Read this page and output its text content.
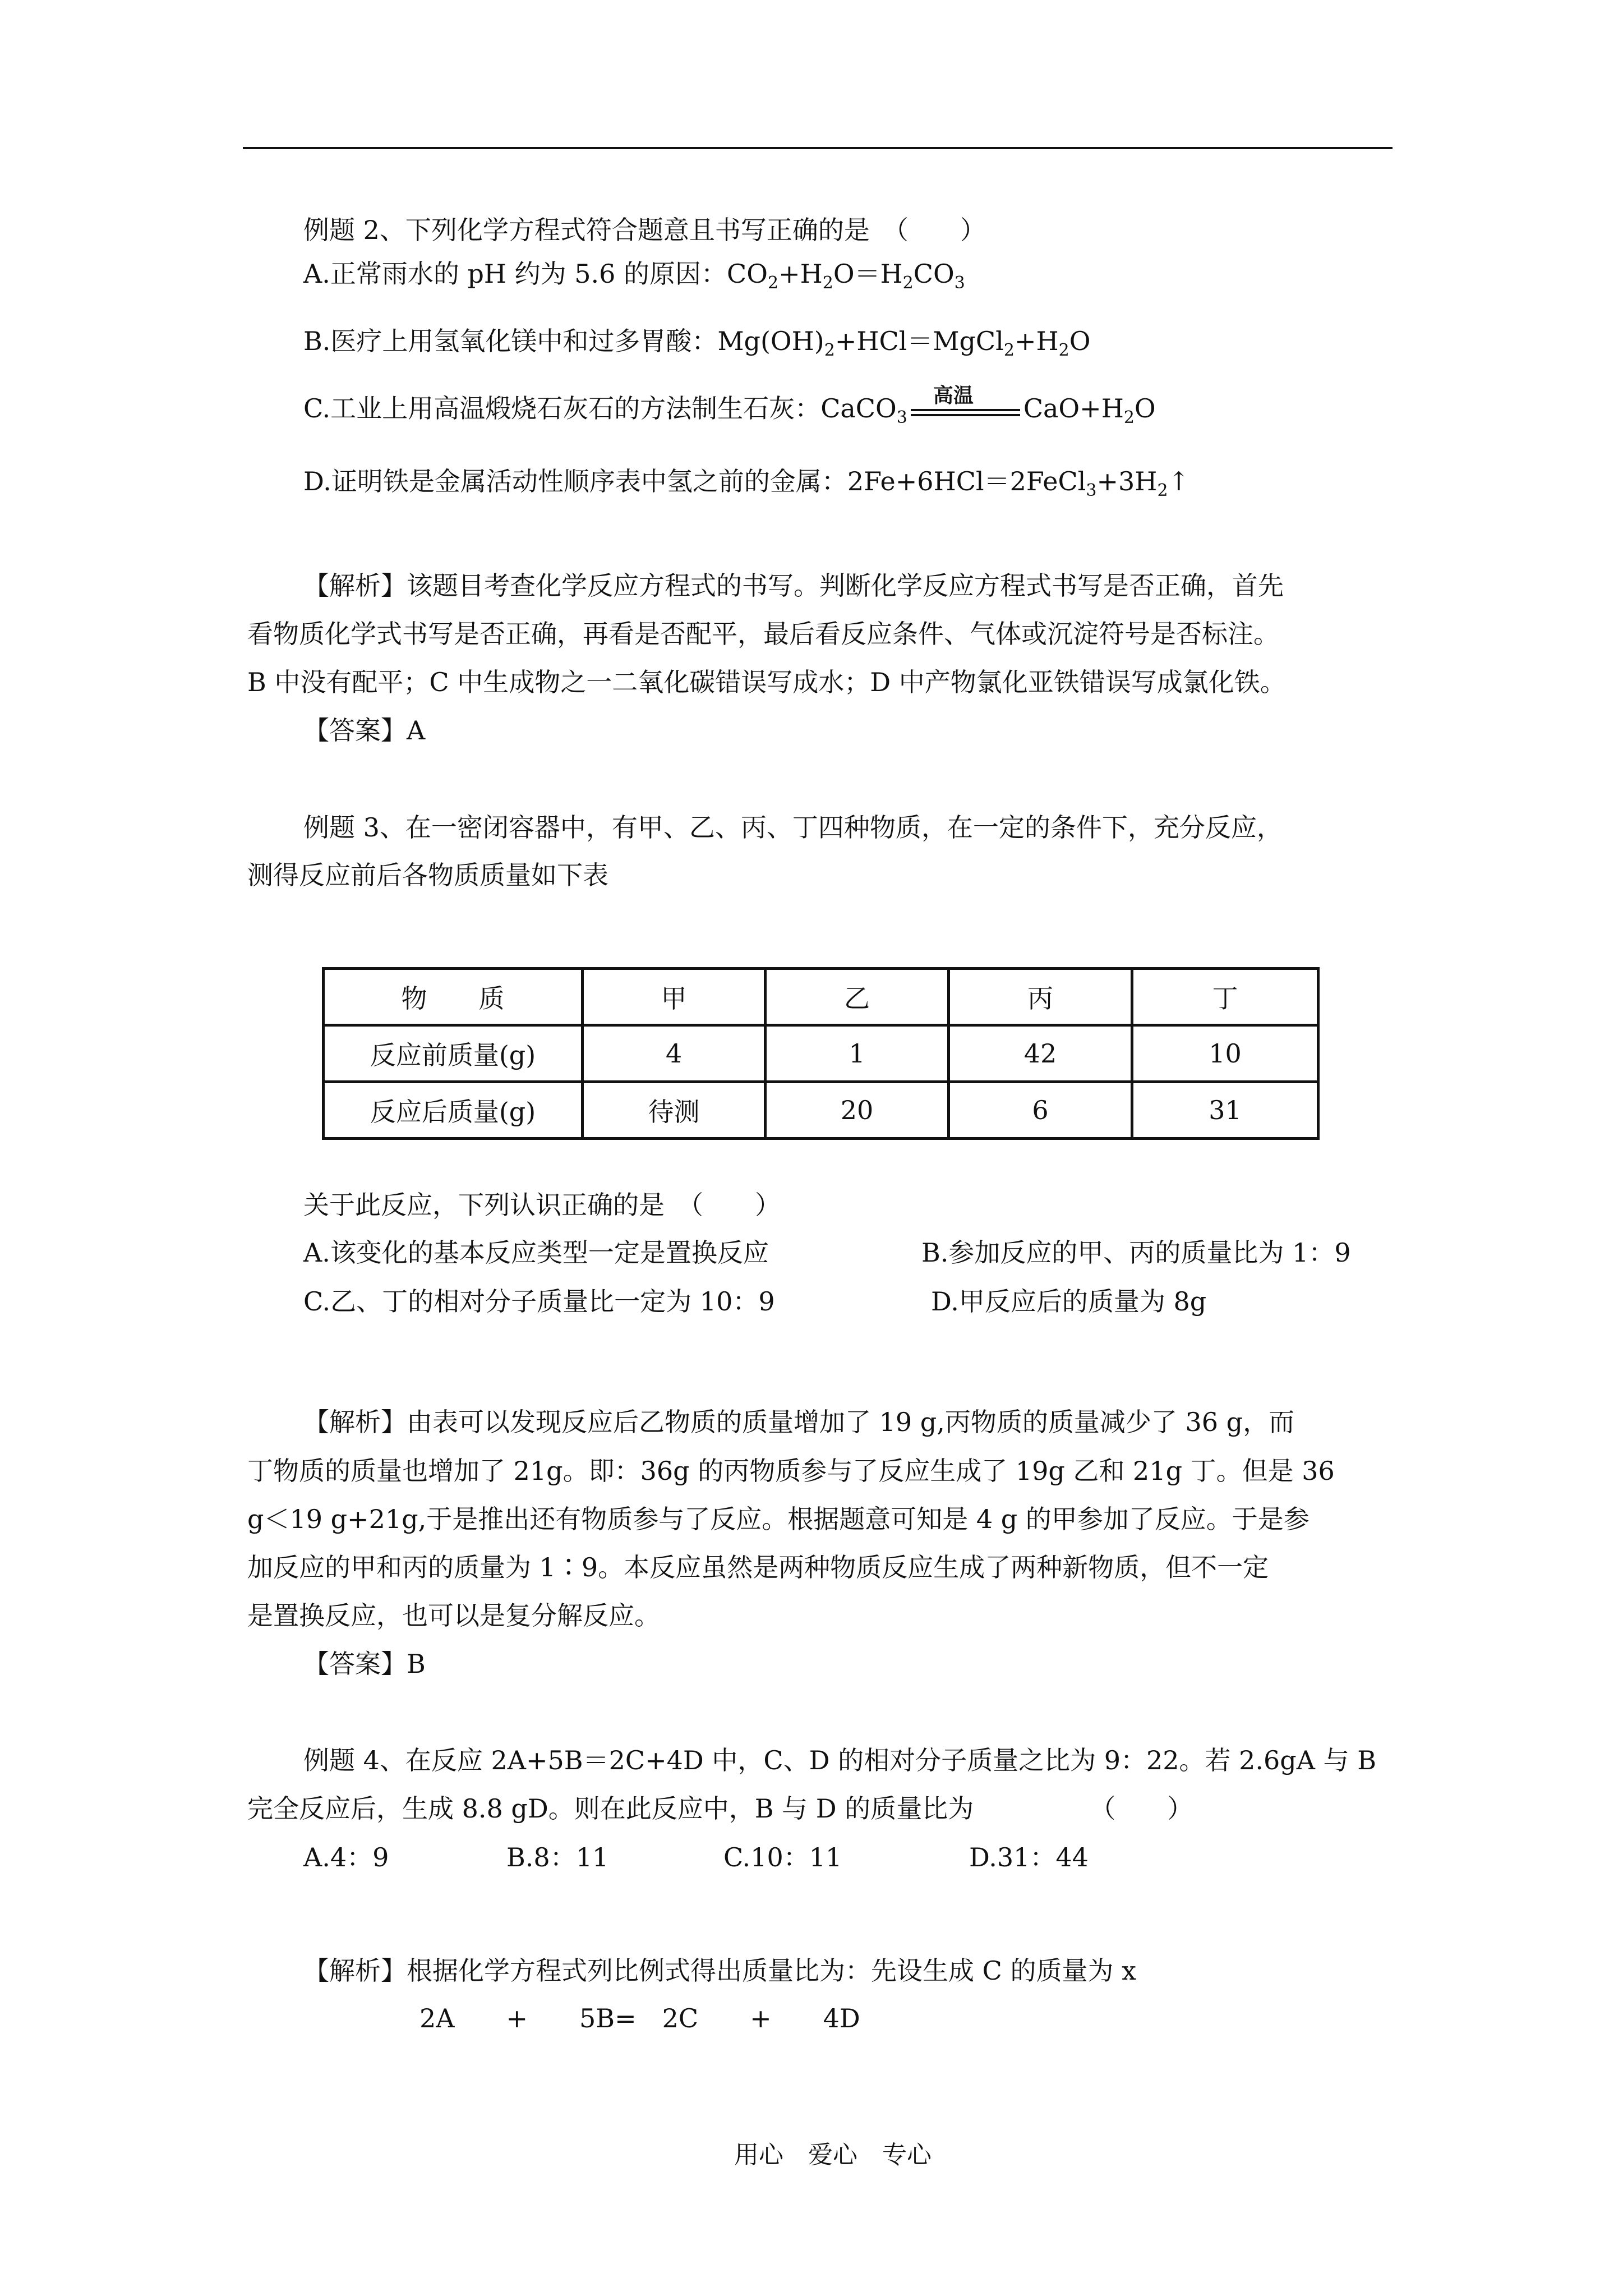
例题 2、下列化学方程式符合题意且书写正确的是　（　　）
A.正常雨水的 pH 约为 5.6 的原因：$CO_2+H_2O=H_2CO_3$
B.医疗上用氢氧化镁中和过多胃酸：$Mg(OH)_2+HCl=MgCl_2+H_2O$
C.工业上用高温煅烧石灰石的方法制生石灰：CaCO$_3$
高温 $CaO+H_2O$
D.证明铁是金属活动性顺序表中氢之前的金属：$2Fe+6HCl=2FeCl_3+3H_2↑$
【解析】该题目考查化学反应方程式的书写。判断化学反应方程式书写是否正确，首先
看物质化学式书写是否正确，再看是否配平，最后看反应条件、气体或沉淀符号是否标注。
B 中没有配平；C 中生成物之一二氧化碳错误写成水；D 中产物氯化亚铁错误写成氯化铁。
【答案】A
例题 3、在一密闭容器中，有甲、乙、丙、丁四种物质，在一定的条件下，充分反应，
测得反应前后各物质质量如下表
物　　质	甲	乙	丙	丁
反应前质量(g)	4	1	42	10
反应后质量(g)	待测	20	6	31
关于此反应，下列认识正确的是　（　　）
A.该变化的基本反应类型一定是置换反应	B.参加反应的甲、丙的质量比为 1：9
C.乙、丁的相对分子质量比一定为 10：9	D.甲反应后的质量为 8g
【解析】由表可以发现反应后乙物质的质量增加了 19 g,丙物质的质量减少了 36 g，而
丁物质的质量也增加了 21g。即：36g 的丙物质参与了反应生成了 19g 乙和 21g 丁。但是 36
g＜19 g+21g,于是推出还有物质参与了反应。根据题意可知是 4 g 的甲参加了反应。于是参
加反应的甲和丙的质量为 1∶9。本反应虽然是两种物质反应生成了两种新物质，但不一定
是置换反应，也可以是复分解反应。
【答案】B
例题 4、在反应 2A+5B＝2C+4D 中，C、D 的相对分子质量之比为 9：22。若 2.6gA 与 B
完全反应后，生成 8.8 gD。则在此反应中，B 与 D 的质量比为　　　　　（　　）
A.4：9	B.8：11	C.10：11	D.31：44
【解析】根据化学方程式列比例式得出质量比为：先设生成 C 的质量为 x
2A　　+　　5B=　2C　　+　　4D
用心　爱心　专心
